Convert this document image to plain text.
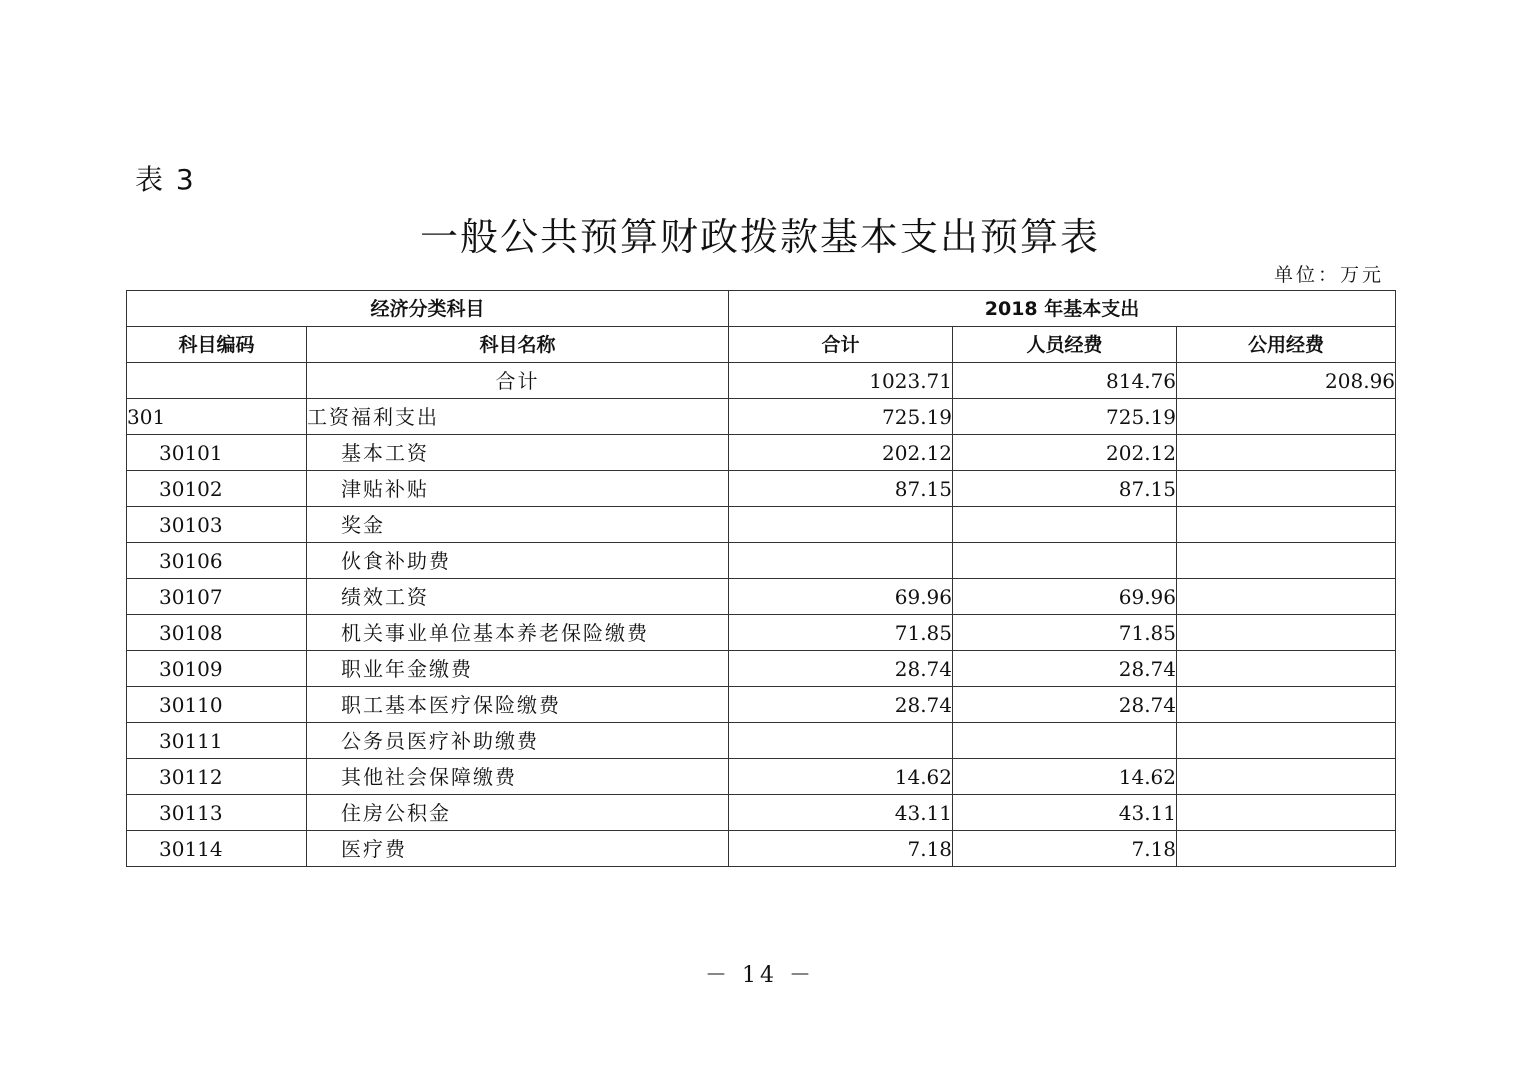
表 3
一般公共预算财政拨款基本支出预算表
单位：万元
经济分类科目		2018 年基本支出		
科目编码	科目名称	合计	人员经费	公用经费
	合计	1023.71	814.76	208.96
301	工资福利支出	725.19	725.19	
30101	基本工资	202.12	202.12	
30102	津贴补贴	87.15	87.15	
30103	奖金			
30106	伙食补助费			
30107	绩效工资	69.96	69.96	
30108	机关事业单位基本养老保险缴费	71.85	71.85	
30109	职业年金缴费	28.74	28.74	
30110	职工基本医疗保险缴费	28.74	28.74	
30111	公务员医疗补助缴费			
30112	其他社会保障缴费	14.62	14.62	
30113	住房公积金	43.11	43.11	
30114	医疗费	7.18	7.18	
－ 14 －
